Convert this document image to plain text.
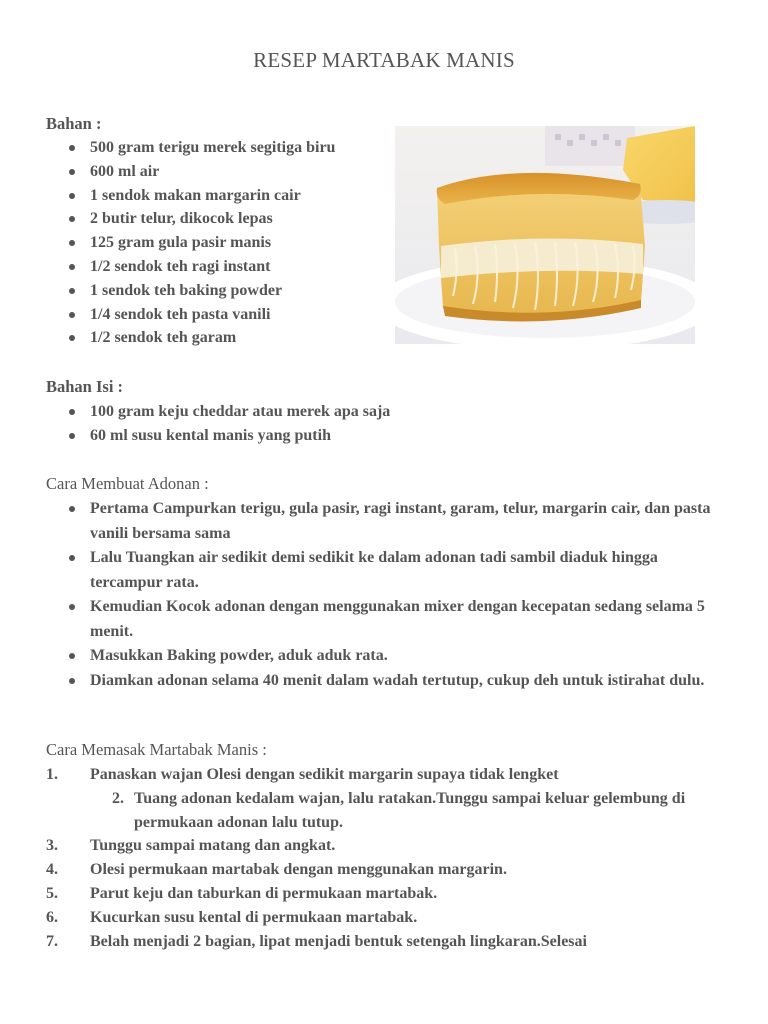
RESEP MARTABAK MANIS
Bahan :
500 gram terigu merek segitiga biru
600 ml air
1 sendok makan margarin cair
2 butir telur, dikocok lepas
125 gram gula pasir manis
1/2 sendok teh ragi instant
1 sendok teh baking powder
1/4 sendok teh pasta vanili
1/2 sendok teh garam
Bahan Isi :
100 gram keju cheddar atau merek apa saja
60 ml susu kental manis yang putih
Cara Membuat Adonan :
Pertama Campurkan terigu, gula pasir, ragi instant, garam, telur, margarin cair, dan pasta vanili bersama sama
Lalu Tuangkan air sedikit demi sedikit ke dalam adonan tadi sambil diaduk hingga tercampur rata.
Kemudian Kocok adonan dengan menggunakan mixer dengan kecepatan sedang selama 5 menit.
Masukkan Baking powder, aduk aduk rata.
Diamkan adonan selama 40 menit dalam wadah tertutup, cukup deh untuk istirahat dulu.
Cara Memasak Martabak Manis :
1. Panaskan wajan Olesi dengan sedikit margarin supaya tidak lengket
2. Tuang adonan kedalam wajan, lalu ratakan.Tunggu sampai keluar gelembung di permukaan adonan lalu tutup.
3. Tunggu sampai matang dan angkat.
4. Olesi permukaan martabak dengan menggunakan margarin.
5. Parut keju dan taburkan di permukaan martabak.
6. Kucurkan susu kental di permukaan martabak.
7. Belah menjadi 2 bagian, lipat menjadi bentuk setengah lingkaran.Selesai
